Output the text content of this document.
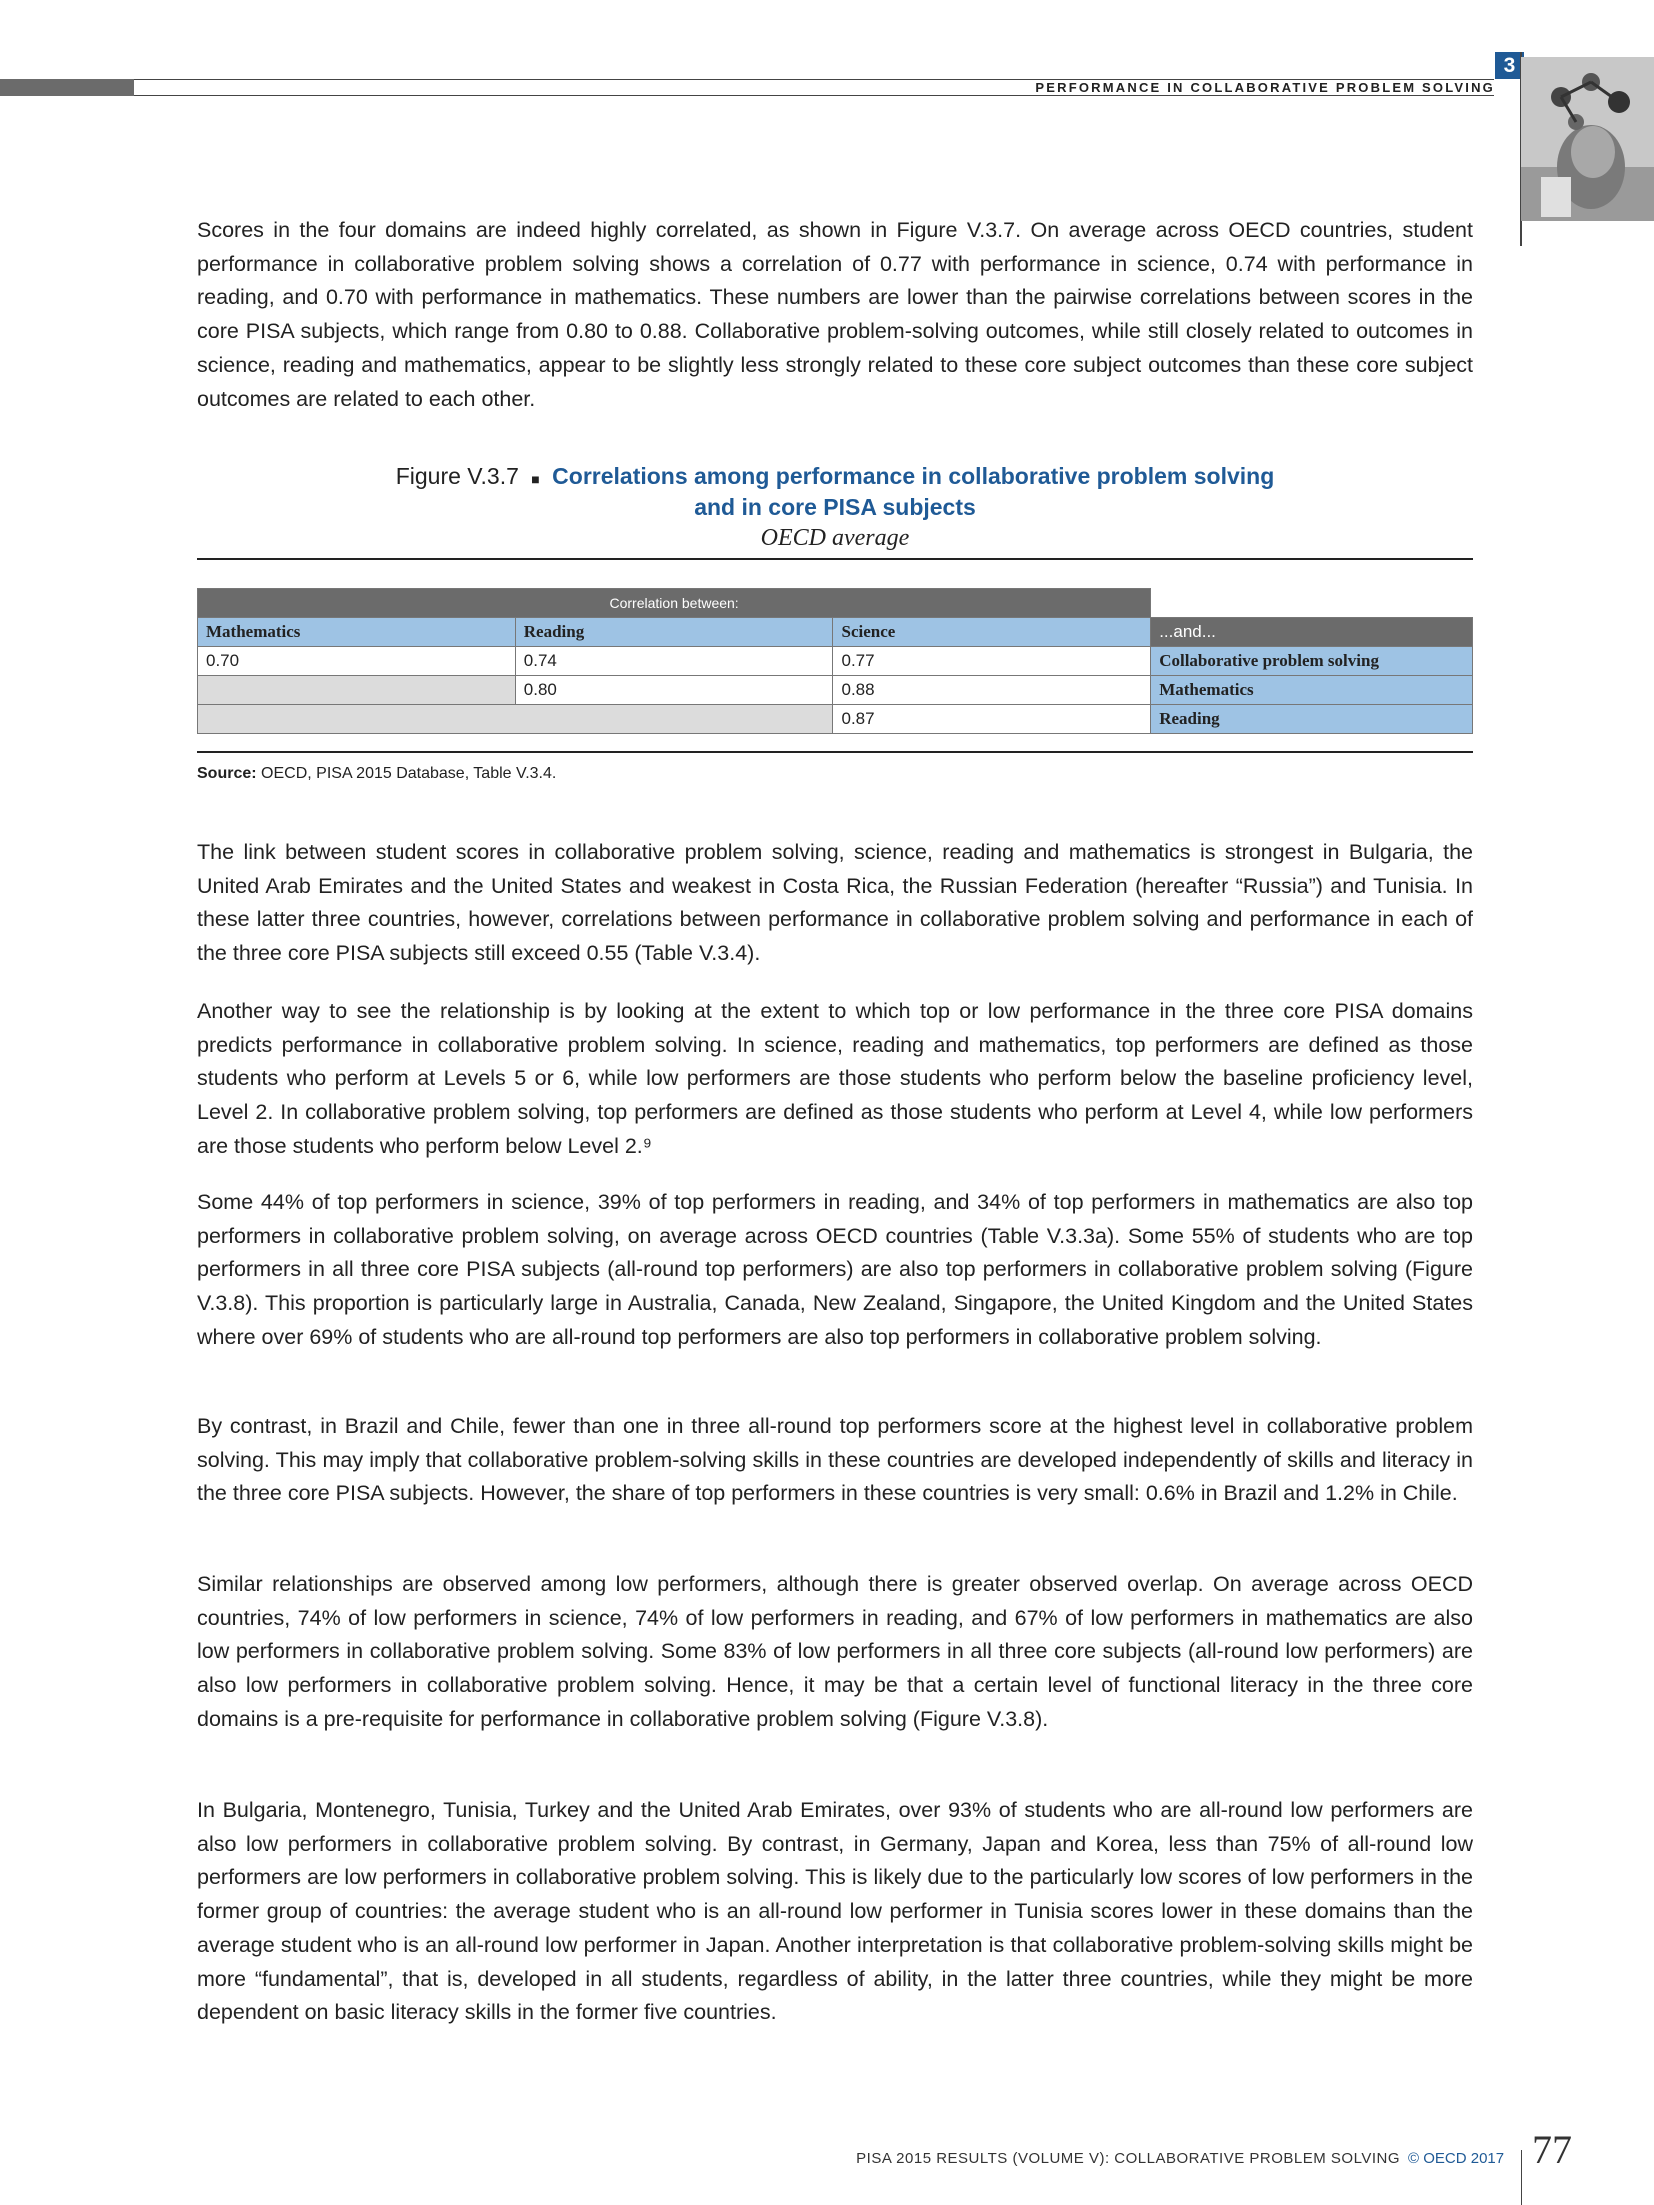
PERFORMANCE IN COLLABORATIVE PROBLEM SOLVING
3

Scores in the four domains are indeed highly correlated, as shown in Figure V.3.7. On average across OECD countries, student performance in collaborative problem solving shows a correlation of 0.77 with performance in science, 0.74 with performance in reading, and 0.70 with performance in mathematics. These numbers are lower than the pairwise correlations between scores in the core PISA subjects, which range from 0.80 to 0.88. Collaborative problem-solving outcomes, while still closely related to outcomes in science, reading and mathematics, appear to be slightly less strongly related to these core subject outcomes than these core subject outcomes are related to each other.

Figure V.3.7 ■ Correlations among performance in collaborative problem solving
and in core PISA subjects
OECD average
Correlation between:			
Mathematics	Reading	Science	...and...
0.70	0.74	0.77	Collaborative problem solving
	0.80	0.88	Mathematics
		0.87	Reading
Source: OECD, PISA 2015 Database, Table V.3.4.

The link between student scores in collaborative problem solving, science, reading and mathematics is strongest in Bulgaria, the United Arab Emirates and the United States and weakest in Costa Rica, the Russian Federation (hereafter “Russia”) and Tunisia. In these latter three countries, however, correlations between performance in collaborative problem solving and performance in each of the three core PISA subjects still exceed 0.55 (Table V.3.4).

Another way to see the relationship is by looking at the extent to which top or low performance in the three core PISA domains predicts performance in collaborative problem solving. In science, reading and mathematics, top performers are defined as those students who perform at Levels 5 or 6, while low performers are those students who perform below the baseline proficiency level, Level 2. In collaborative problem solving, top performers are defined as those students who perform at Level 4, while low performers are those students who perform below Level 2.⁹

Some 44% of top performers in science, 39% of top performers in reading, and 34% of top performers in mathematics are also top performers in collaborative problem solving, on average across OECD countries (Table V.3.3a). Some 55% of students who are top performers in all three core PISA subjects (all-round top performers) are also top performers in collaborative problem solving (Figure V.3.8). This proportion is particularly large in Australia, Canada, New Zealand, Singapore, the United Kingdom and the United States where over 69% of students who are all-round top performers are also top performers in collaborative problem solving.

By contrast, in Brazil and Chile, fewer than one in three all-round top performers score at the highest level in collaborative problem solving. This may imply that collaborative problem-solving skills in these countries are developed independently of skills and literacy in the three core PISA subjects. However, the share of top performers in these countries is very small: 0.6% in Brazil and 1.2% in Chile.

Similar relationships are observed among low performers, although there is greater observed overlap. On average across OECD countries, 74% of low performers in science, 74% of low performers in reading, and 67% of low performers in mathematics are also low performers in collaborative problem solving. Some 83% of low performers in all three core subjects (all-round low performers) are also low performers in collaborative problem solving. Hence, it may be that a certain level of functional literacy in the three core domains is a pre-requisite for performance in collaborative problem solving (Figure V.3.8).

In Bulgaria, Montenegro, Tunisia, Turkey and the United Arab Emirates, over 93% of students who are all-round low performers are also low performers in collaborative problem solving. By contrast, in Germany, Japan and Korea, less than 75% of all-round low performers are low performers in collaborative problem solving. This is likely due to the particularly low scores of low performers in the former group of countries: the average student who is an all-round low performer in Tunisia scores lower in these domains than the average student who is an all-round low performer in Japan. Another interpretation is that collaborative problem-solving skills might be more “fundamental”, that is, developed in all students, regardless of ability, in the latter three countries, while they might be more dependent on basic literacy skills in the former five countries.

PISA 2015 RESULTS (VOLUME V): COLLABORATIVE PROBLEM SOLVING © OECD 2017 77
